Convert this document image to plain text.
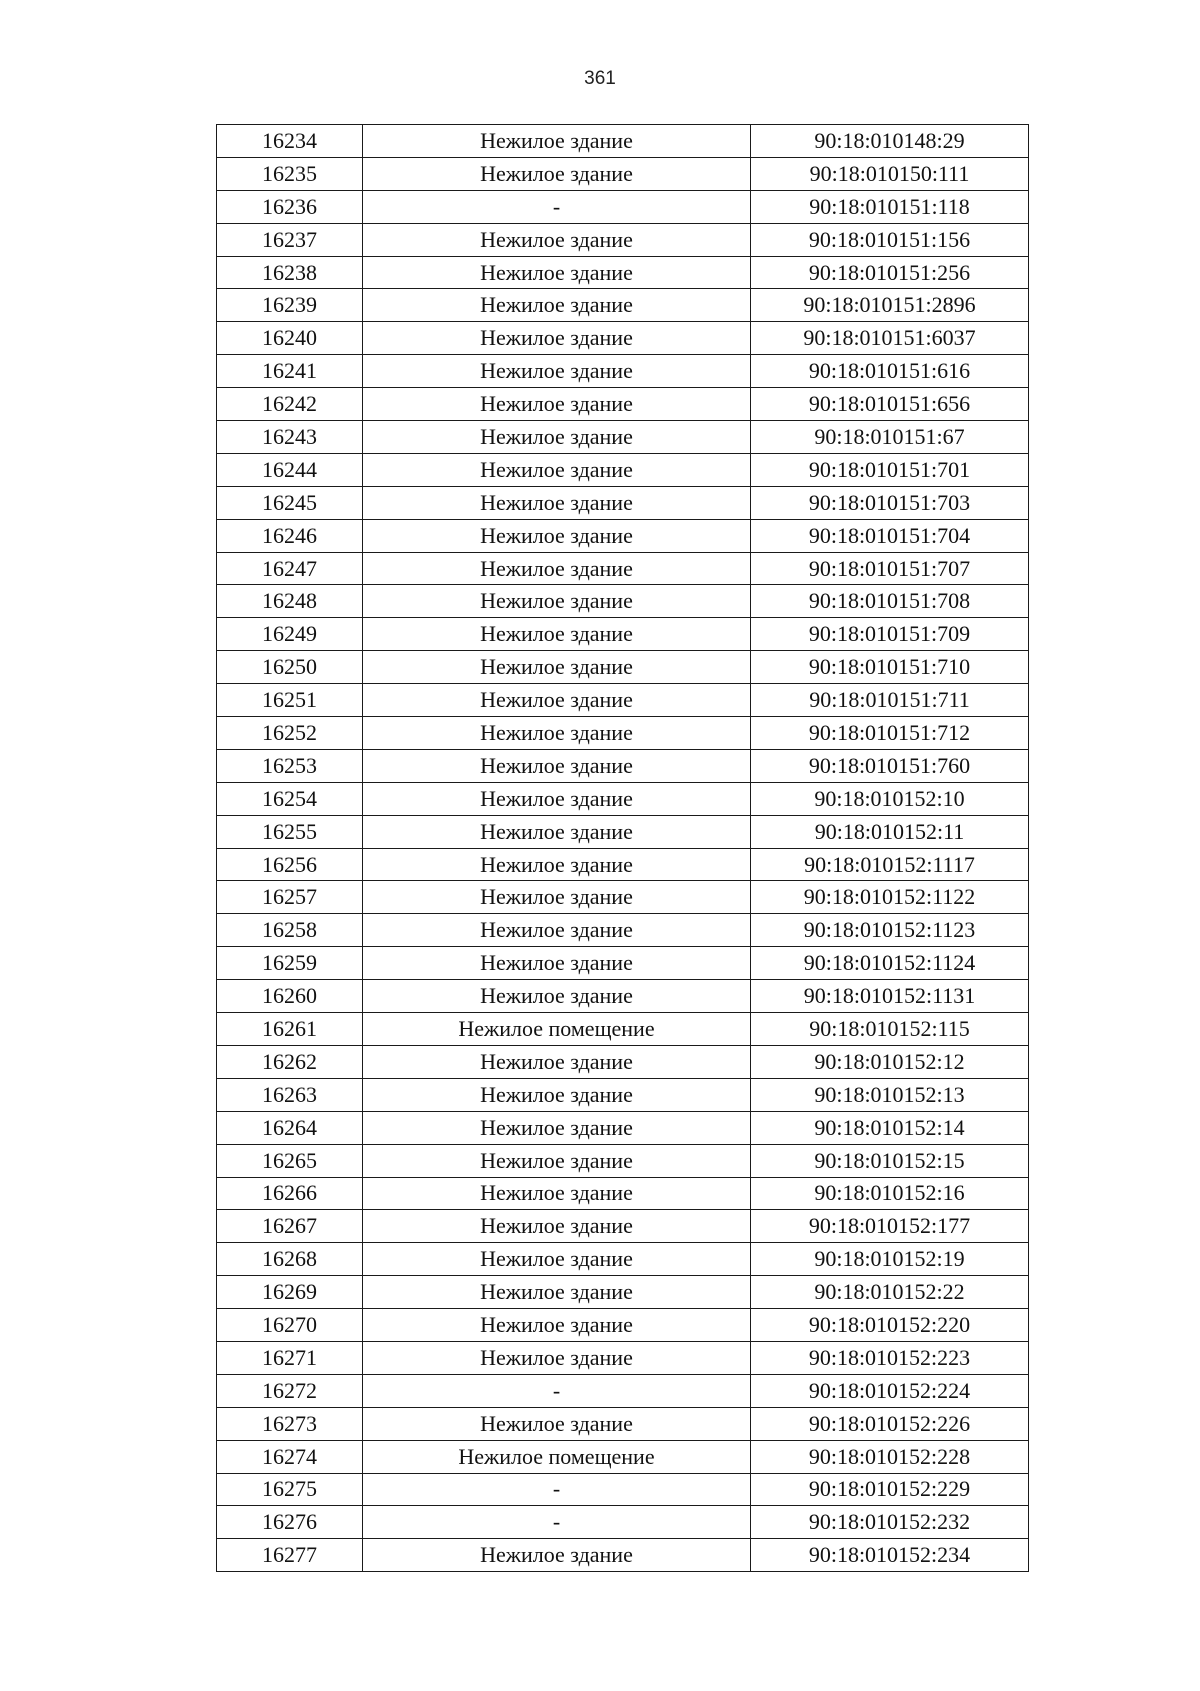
361
16234	Нежилое здание	90:18:010148:29
16235	Нежилое здание	90:18:010150:111
16236	-	90:18:010151:118
16237	Нежилое здание	90:18:010151:156
16238	Нежилое здание	90:18:010151:256
16239	Нежилое здание	90:18:010151:2896
16240	Нежилое здание	90:18:010151:6037
16241	Нежилое здание	90:18:010151:616
16242	Нежилое здание	90:18:010151:656
16243	Нежилое здание	90:18:010151:67
16244	Нежилое здание	90:18:010151:701
16245	Нежилое здание	90:18:010151:703
16246	Нежилое здание	90:18:010151:704
16247	Нежилое здание	90:18:010151:707
16248	Нежилое здание	90:18:010151:708
16249	Нежилое здание	90:18:010151:709
16250	Нежилое здание	90:18:010151:710
16251	Нежилое здание	90:18:010151:711
16252	Нежилое здание	90:18:010151:712
16253	Нежилое здание	90:18:010151:760
16254	Нежилое здание	90:18:010152:10
16255	Нежилое здание	90:18:010152:11
16256	Нежилое здание	90:18:010152:1117
16257	Нежилое здание	90:18:010152:1122
16258	Нежилое здание	90:18:010152:1123
16259	Нежилое здание	90:18:010152:1124
16260	Нежилое здание	90:18:010152:1131
16261	Нежилое помещение	90:18:010152:115
16262	Нежилое здание	90:18:010152:12
16263	Нежилое здание	90:18:010152:13
16264	Нежилое здание	90:18:010152:14
16265	Нежилое здание	90:18:010152:15
16266	Нежилое здание	90:18:010152:16
16267	Нежилое здание	90:18:010152:177
16268	Нежилое здание	90:18:010152:19
16269	Нежилое здание	90:18:010152:22
16270	Нежилое здание	90:18:010152:220
16271	Нежилое здание	90:18:010152:223
16272	-	90:18:010152:224
16273	Нежилое здание	90:18:010152:226
16274	Нежилое помещение	90:18:010152:228
16275	-	90:18:010152:229
16276	-	90:18:010152:232
16277	Нежилое здание	90:18:010152:234
